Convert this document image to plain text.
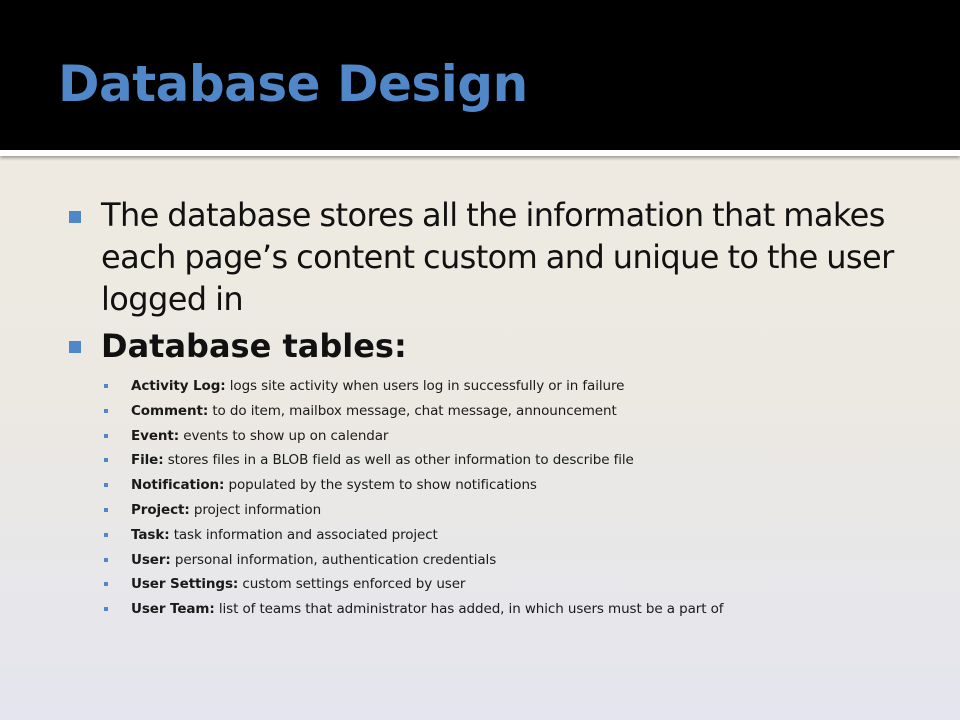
Database Design
The database stores all the information that makes each page’s content custom and unique to the user logged in
Database tables:
Activity Log: logs site activity when users log in successfully or in failure
Comment: to do item, mailbox message, chat message, announcement
Event: events to show up on calendar
File: stores files in a BLOB field as well as other information to describe file
Notification: populated by the system to show notifications
Project: project information
Task: task information and associated project
User: personal information, authentication credentials
User Settings: custom settings enforced by user
User Team: list of teams that administrator has added, in which users must be a part of
